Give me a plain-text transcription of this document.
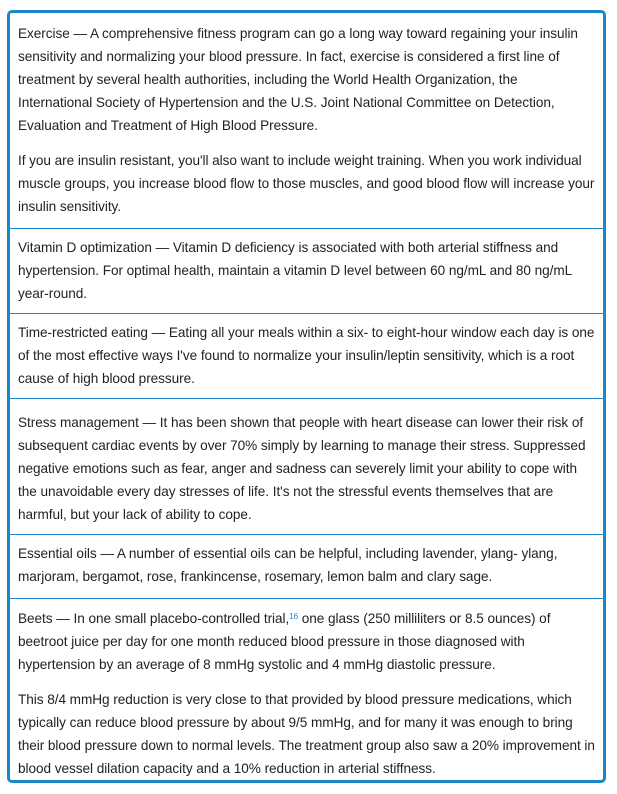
Exercise — A comprehensive fitness program can go a long way toward regaining your insulin sensitivity and normalizing your blood pressure. In fact, exercise is considered a first line of treatment by several health authorities, including the World Health Organization, the International Society of Hypertension and the U.S. Joint National Committee on Detection, Evaluation and Treatment of High Blood Pressure.

If you are insulin resistant, you'll also want to include weight training. When you work individual muscle groups, you increase blood flow to those muscles, and good blood flow will increase your insulin sensitivity.

Vitamin D optimization — Vitamin D deficiency is associated with both arterial stiffness and hypertension. For optimal health, maintain a vitamin D level between 60 ng/mL and 80 ng/mL year-round.

Time-restricted eating — Eating all your meals within a six- to eight-hour window each day is one of the most effective ways I've found to normalize your insulin/leptin sensitivity, which is a root cause of high blood pressure.

Stress management — It has been shown that people with heart disease can lower their risk of subsequent cardiac events by over 70% simply by learning to manage their stress. Suppressed negative emotions such as fear, anger and sadness can severely limit your ability to cope with the unavoidable every day stresses of life. It's not the stressful events themselves that are harmful, but your lack of ability to cope.

Essential oils — A number of essential oils can be helpful, including lavender, ylang- ylang, marjoram, bergamot, rose, frankincense, rosemary, lemon balm and clary sage.

Beets — In one small placebo-controlled trial,$^{16}$ one glass (250 milliliters or 8.5 ounces) of beetroot juice per day for one month reduced blood pressure in those diagnosed with hypertension by an average of 8 mmHg systolic and 4 mmHg diastolic pressure.

This 8/4 mmHg reduction is very close to that provided by blood pressure medications, which typically can reduce blood pressure by about 9/5 mmHg, and for many it was enough to bring their blood pressure down to normal levels. The treatment group also saw a 20% improvement in blood vessel dilation capacity and a 10% reduction in arterial stiffness.
